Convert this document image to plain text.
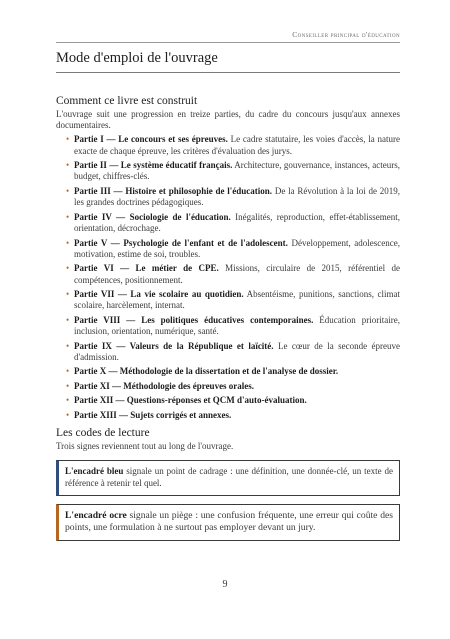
Conseiller principal d'éducation
Mode d'emploi de l'ouvrage
Comment ce livre est construit

L'ouvrage suit une progression en treize parties, du cadre du concours jusqu'aux annexes documentaires.

• Partie I — Le concours et ses épreuves. Le cadre statutaire, les voies d'accès, la nature exacte de chaque épreuve, les critères d'évaluation des jurys.
• Partie II — Le système éducatif français. Architecture, gouvernance, instances, acteurs, budget, chiffres-clés.
• Partie III — Histoire et philosophie de l'éducation. De la Révolution à la loi de 2019, les grandes doctrines pédagogiques.
• Partie IV — Sociologie de l'éducation. Inégalités, reproduction, effet-établissement, orientation, décrochage.
• Partie V — Psychologie de l'enfant et de l'adolescent. Développement, adolescence, motivation, estime de soi, troubles.
• Partie VI — Le métier de CPE. Missions, circulaire de 2015, référentiel de compétences, positionnement.
• Partie VII — La vie scolaire au quotidien. Absentéisme, punitions, sanctions, climat scolaire, harcèlement, internat.
• Partie VIII — Les politiques éducatives contemporaines. Éducation prioritaire, inclusion, orientation, numérique, santé.
• Partie IX — Valeurs de la République et laïcité. Le cœur de la seconde épreuve d'admission.
• Partie X — Méthodologie de la dissertation et de l'analyse de dossier.
• Partie XI — Méthodologie des épreuves orales.
• Partie XII — Questions-réponses et QCM d'auto-évaluation.
• Partie XIII — Sujets corrigés et annexes.
Les codes de lecture

Trois signes reviennent tout au long de l'ouvrage.

L'encadré bleu signale un point de cadrage : une définition, une donnée-clé, un texte de référence à retenir tel quel.
L'encadré ocre signale un piège : une confusion fréquente, une erreur qui coûte des points, une formulation à ne surtout pas employer devant un jury.
9
